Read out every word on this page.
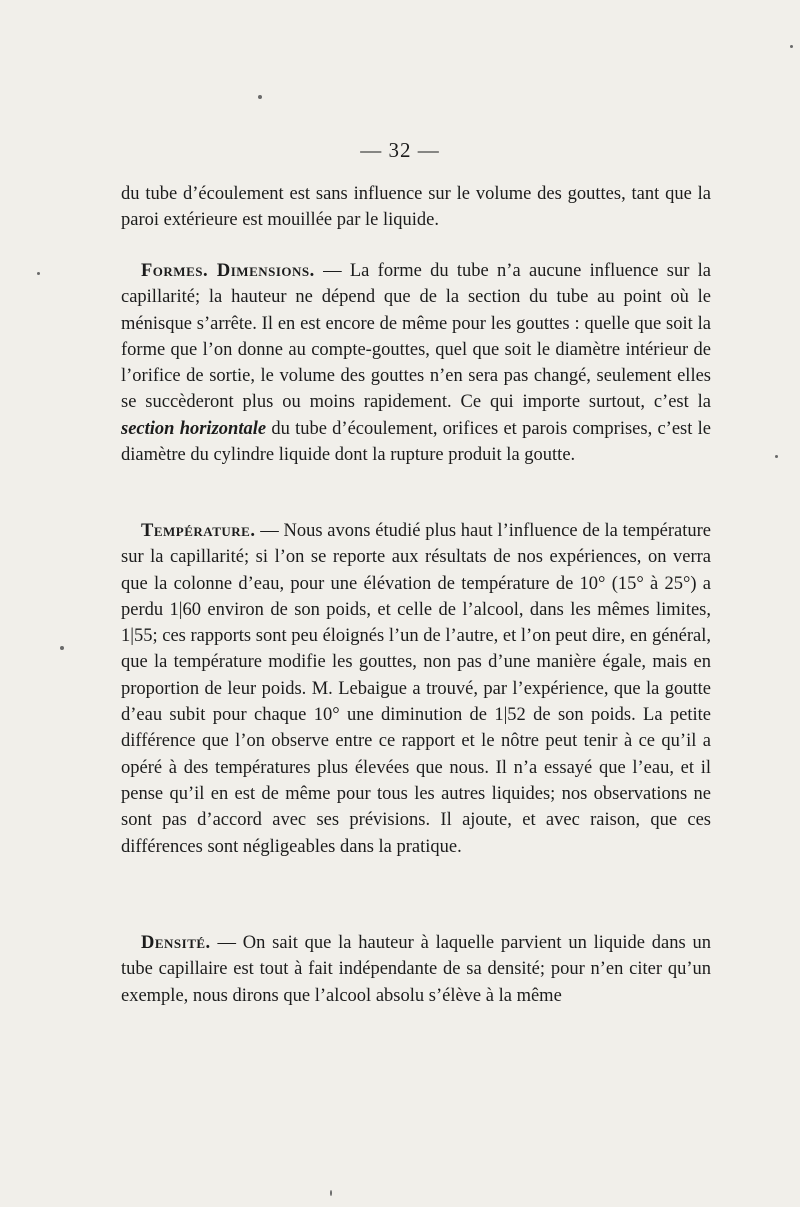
— 32 —

du tube d’écoulement est sans influence sur le volume des gouttes, tant que la paroi extérieure est mouillée par le liquide.

Formes. Dimensions. — La forme du tube n’a aucune influence sur la capillarité; la hauteur ne dépend que de la section du tube au point où le ménisque s’arrête. Il en est encore de même pour les gouttes : quelle que soit la forme que l’on donne au compte-gouttes, quel que soit le diamètre intérieur de l’orifice de sortie, le volume des gouttes n’en sera pas changé, seulement elles se succèderont plus ou moins rapidement. Ce qui importe surtout, c’est la section horizontale du tube d’écoulement, orifices et parois comprises, c’est le diamètre du cylindre liquide dont la rupture produit la goutte.

Température. — Nous avons étudié plus haut l’influence de la température sur la capillarité; si l’on se reporte aux résultats de nos expériences, on verra que la colonne d’eau, pour une élévation de température de 10° (15° à 25°) a perdu 1|60 environ de son poids, et celle de l’alcool, dans les mêmes limites, 1|55; ces rapports sont peu éloignés l’un de l’autre, et l’on peut dire, en général, que la température modifie les gouttes, non pas d’une manière égale, mais en proportion de leur poids. M. Lebaigue a trouvé, par l’expérience, que la goutte d’eau subit pour chaque 10° une diminution de 1|52 de son poids. La petite différence que l’on observe entre ce rapport et le nôtre peut tenir à ce qu’il a opéré à des températures plus élevées que nous. Il n’a essayé que l’eau, et il pense qu’il en est de même pour tous les autres liquides; nos observations ne sont pas d’accord avec ses prévisions. Il ajoute, et avec raison, que ces différences sont négligeables dans la pratique.

Densité. — On sait que la hauteur à laquelle parvient un liquide dans un tube capillaire est tout à fait indépendante de sa densité; pour n’en citer qu’un exemple, nous dirons que l’alcool absolu s’élève à la même
